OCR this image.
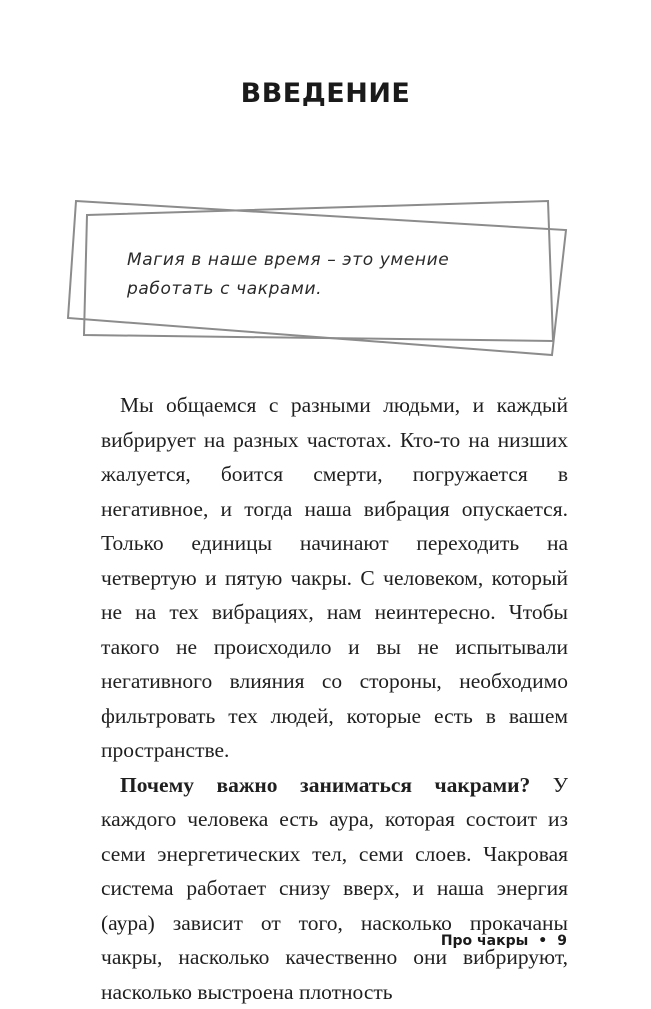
ВВЕДЕНИЕ

Магия в наше время – это умение работать с чакрами.

Мы общаемся с разными людьми, и каждый вибрирует на разных частотах. Кто-то на низших жалуется, боится смерти, погружается в негативное, и тогда наша вибрация опускается. Только единицы начинают переходить на четвертую и пятую чакры. С человеком, который не на тех вибрациях, нам неинтересно. Чтобы такого не происходило и вы не испытывали негативного влияния со стороны, необходимо фильтровать тех людей, которые есть в вашем пространстве.

Почему важно заниматься чакрами? У каждого человека есть аура, которая состоит из семи энергетических тел, семи слоев. Чакровая система работает снизу вверх, и наша энергия (аура) зависит от того, насколько прокачаны чакры, насколько качественно они вибрируют, насколько выстроена плотность

Про чакры • 9
